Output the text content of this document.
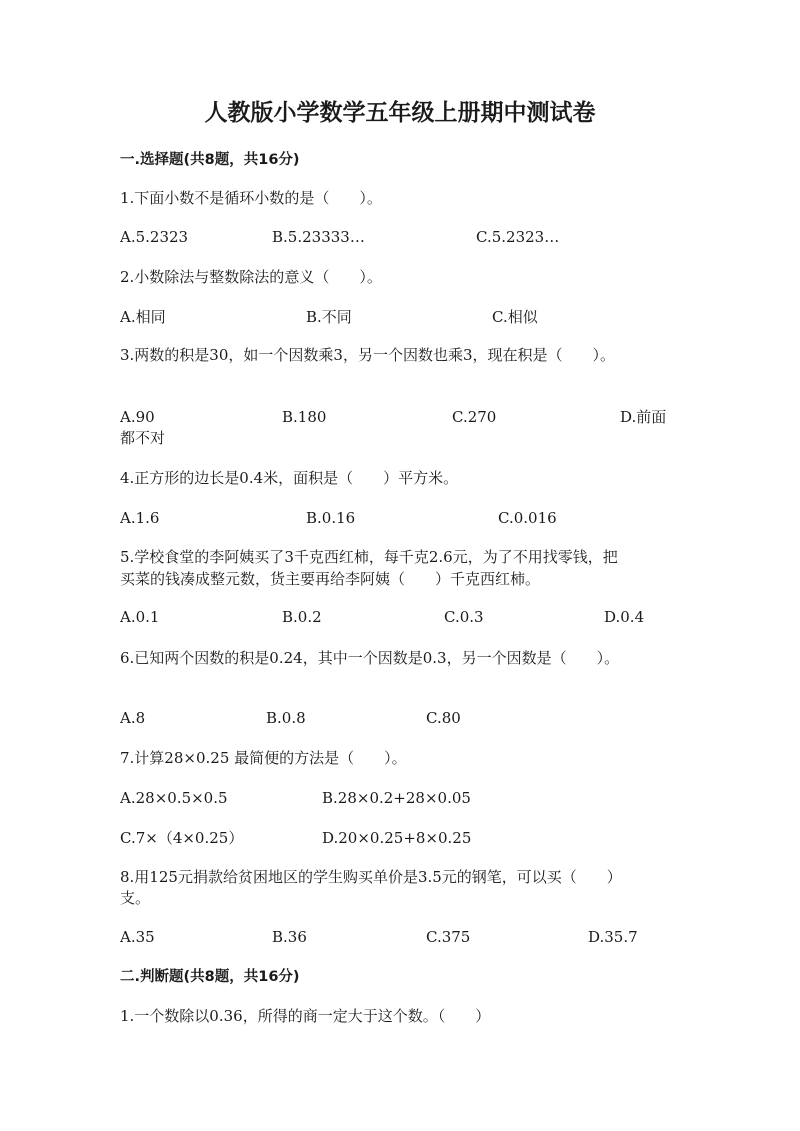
人教版小学数学五年级上册期中测试卷
一.选择题(共8题，共16分)
1.下面小数不是循环小数的是（　　）。
A.5.2323	B.5.23333…	C.5.2323…
2.小数除法与整数除法的意义（　　）。
A.相同	B.不同	C.相似
3.两数的积是30，如一个因数乘3，另一个因数也乘3，现在积是（　　）。
A.90	B.180	C.270	D.前面
都不对
4.正方形的边长是0.4米，面积是（　　）平方米。
A.1.6	B.0.16	C.0.016
5.学校食堂的李阿姨买了3千克西红柿，每千克2.6元，为了不用找零钱，把
买菜的钱凑成整元数，货主要再给李阿姨（　　）千克西红柿。
A.0.1	B.0.2	C.0.3	D.0.4
6.已知两个因数的积是0.24，其中一个因数是0.3，另一个因数是（　　）。
A.8	B.0.8	C.80
7.计算28×0.25 最简便的方法是（　　）。
A.28×0.5×0.5	B.28×0.2+28×0.05
C.7×（4×0.25）	D.20×0.25+8×0.25
8.用125元捐款给贫困地区的学生购买单价是3.5元的钢笔，可以买（　　）
支。
A.35	B.36	C.375	D.35.7
二.判断题(共8题，共16分)
1.一个数除以0.36，所得的商一定大于这个数。（　　）
